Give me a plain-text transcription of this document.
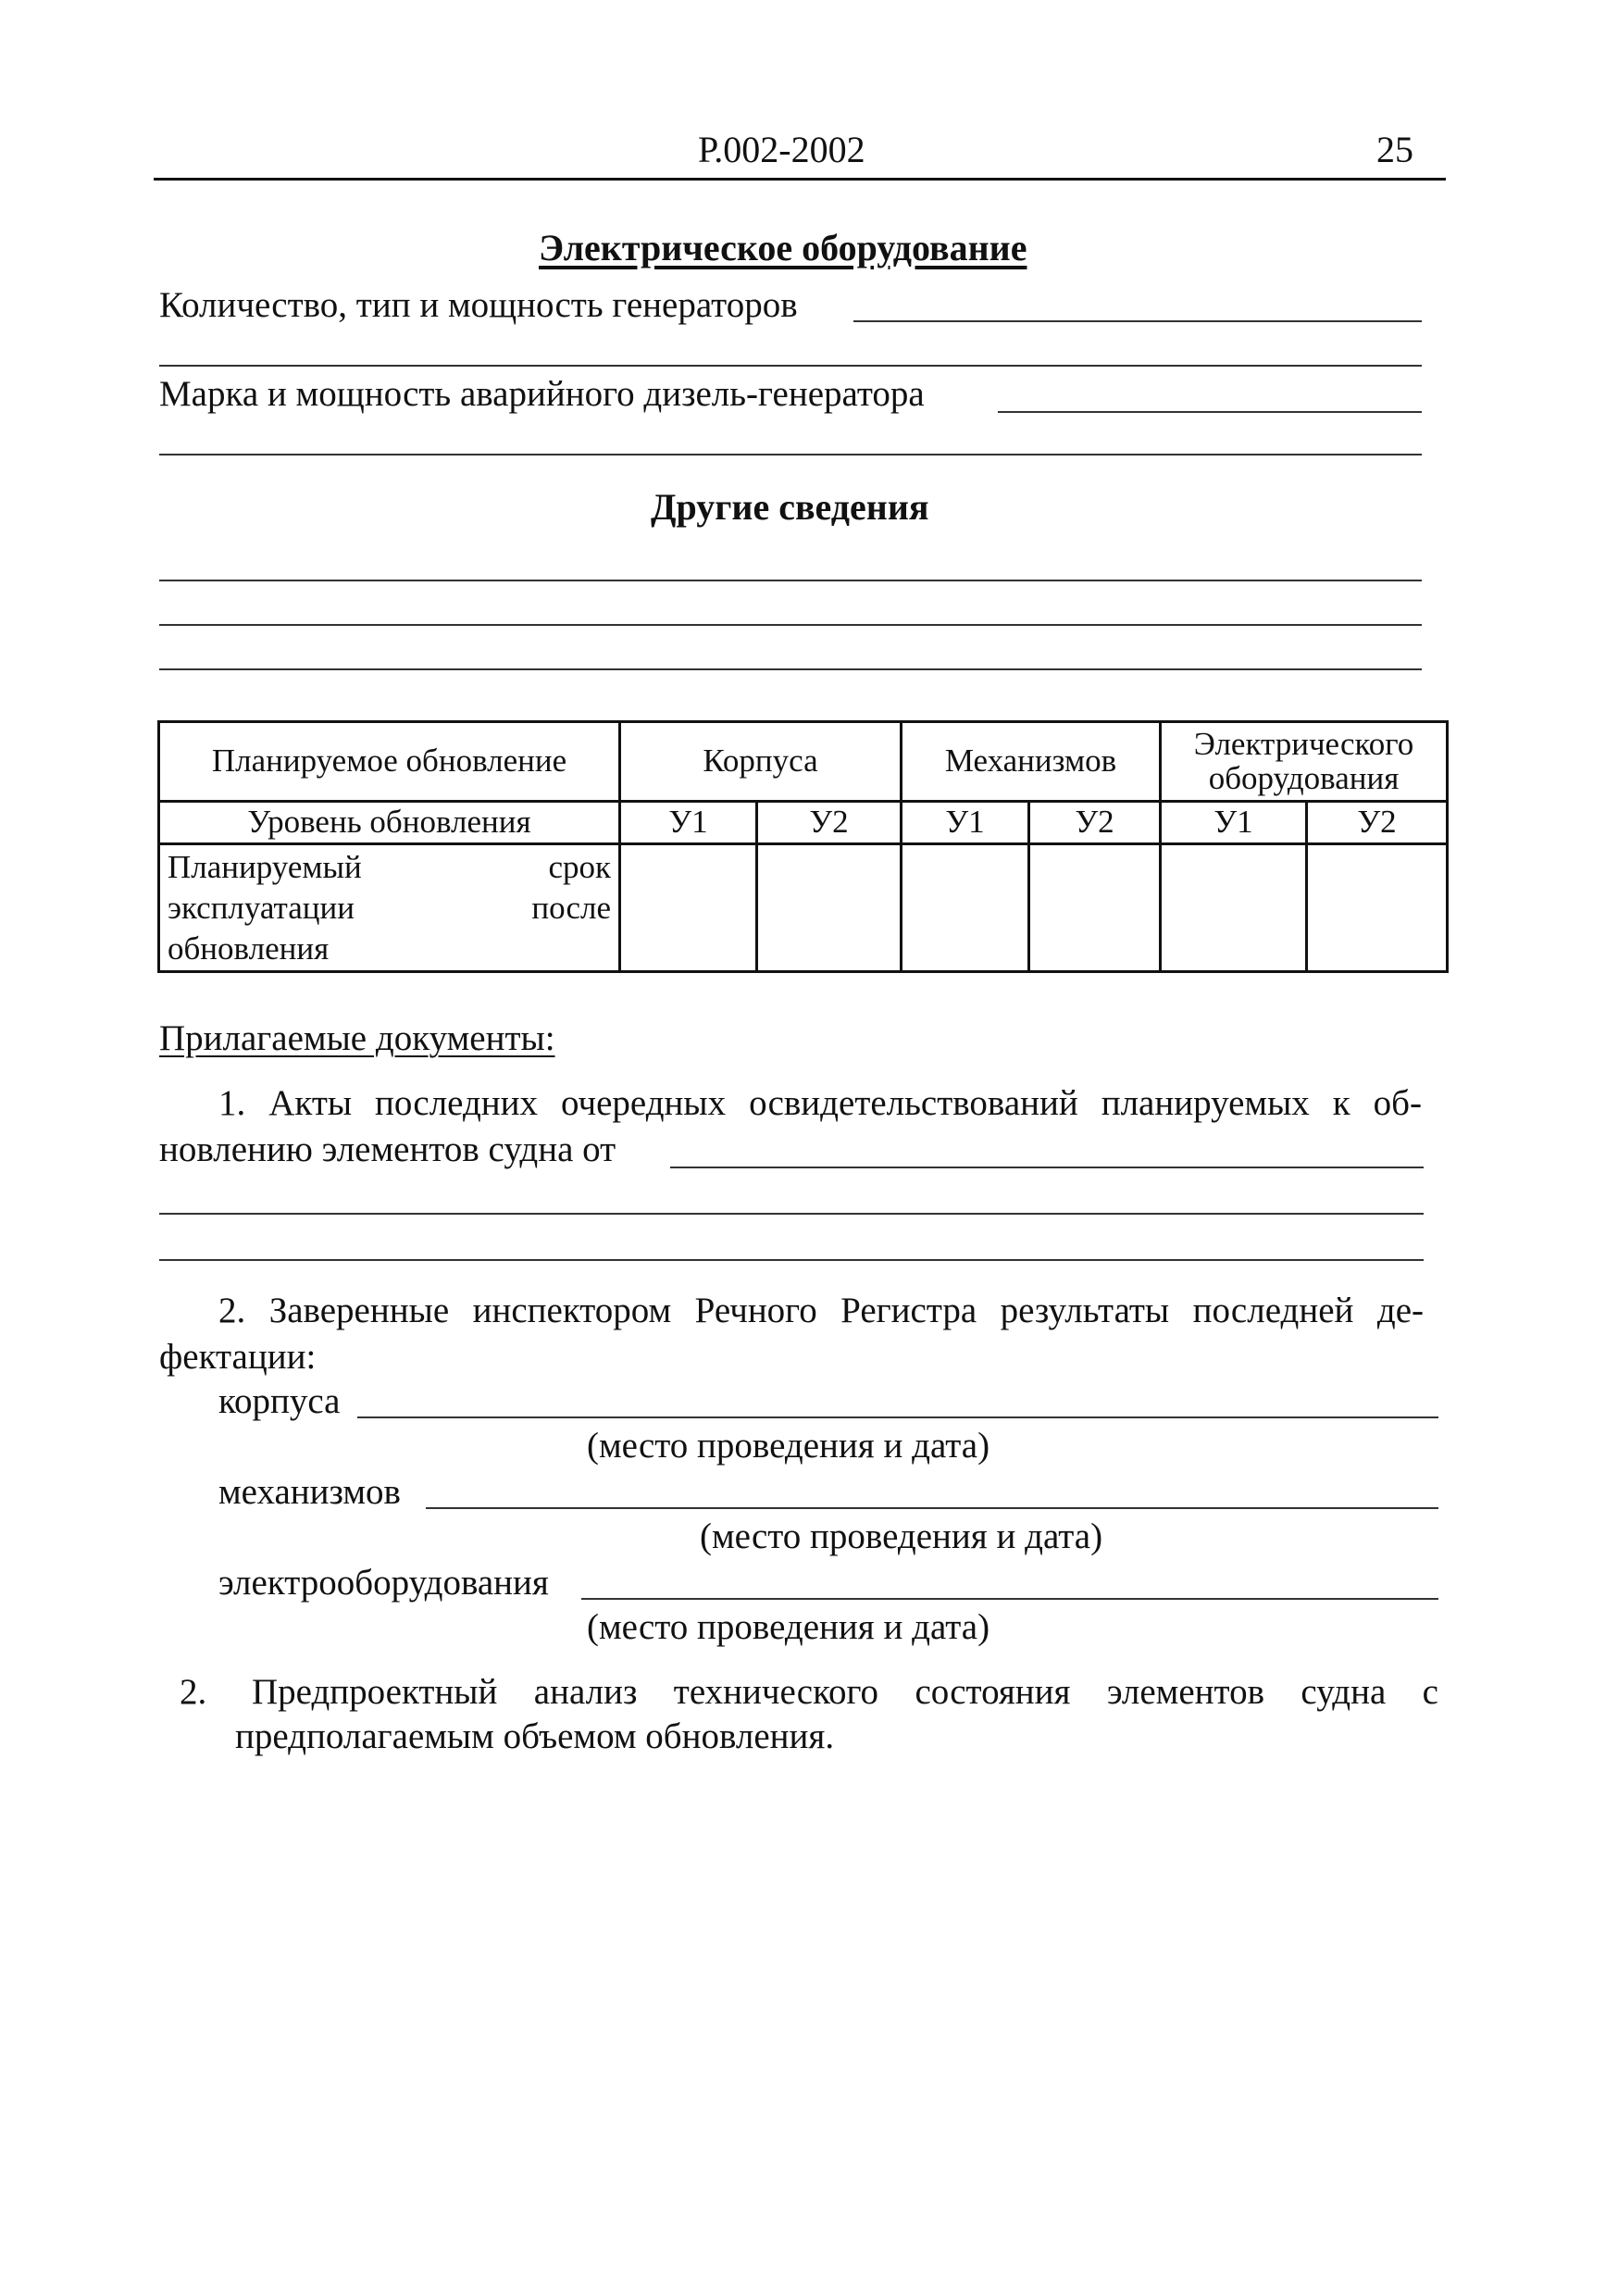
Р.002-2002	25
Электрическое оборудование
Количество, тип и мощность генераторов
Марка и мощность аварийного дизель-генератора
Другие сведения
Планируемое обновление	Корпуса		Механизмов		Электрического оборудования	
Уровень обновления	У1	У2	У1	У2	У1	У2
Планируемый срок эксплуатации после обновления						
Прилагаемые документы:
1. Акты последних очередных освидетельствований планируемых к об-
новлению элементов судна от
2. Заверенные инспектором Речного Регистра результаты последней де-
фектации:
корпуса
(место проведения и дата)
механизмов
(место проведения и дата)
электрооборудования
(место проведения и дата)
2. Предпроектный анализ технического состояния элементов судна с
предполагаемым объемом обновления.
